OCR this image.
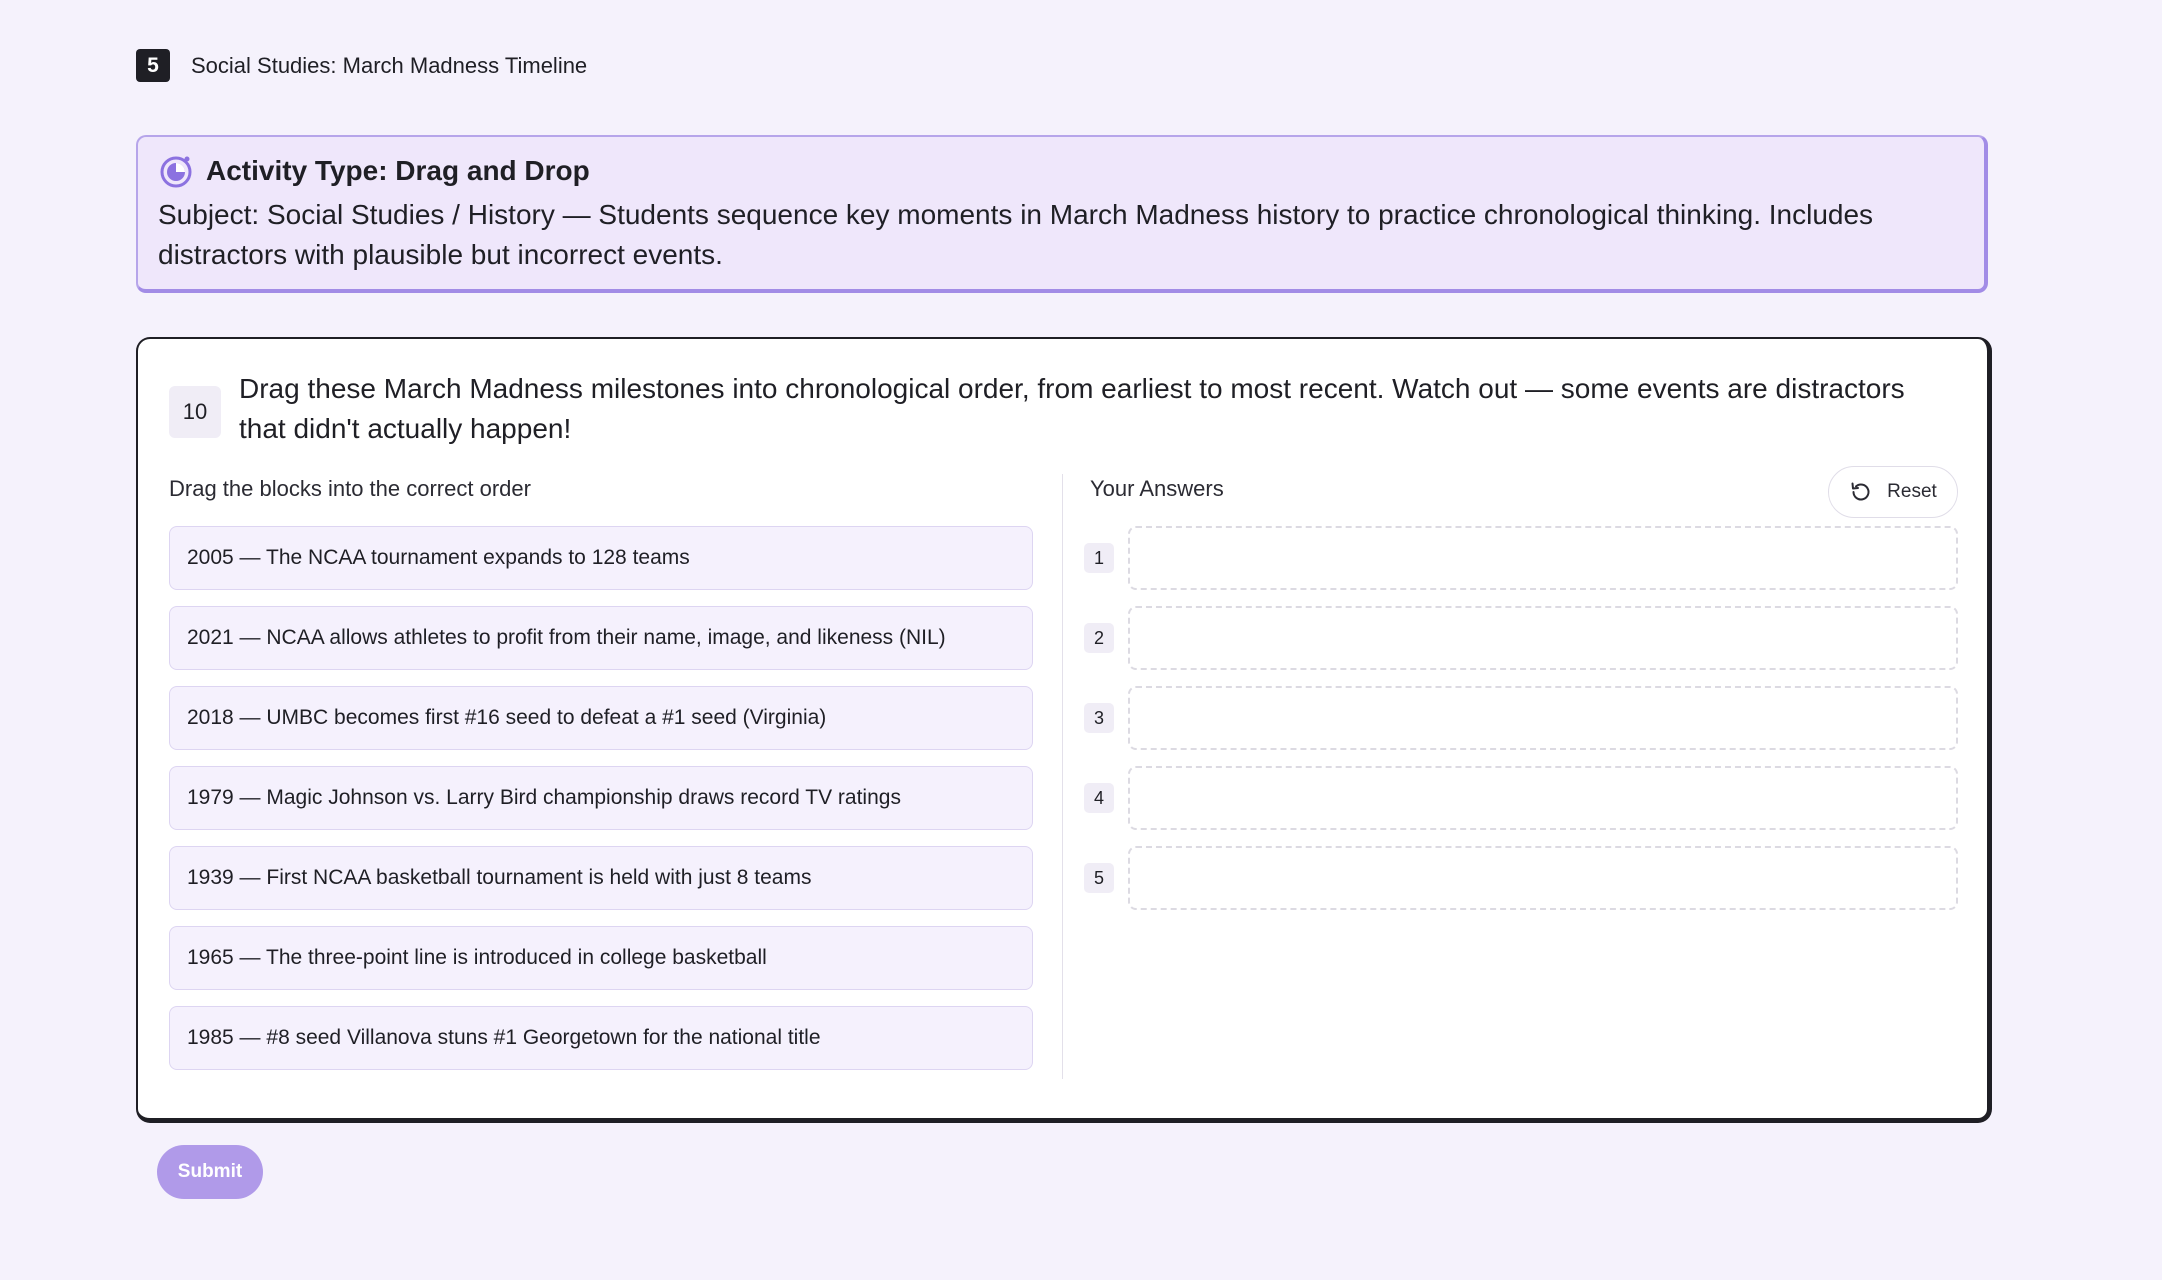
5	Social Studies: March Madness Timeline
Activity Type: Drag and Drop
Subject: Social Studies / History — Students sequence key moments in March Madness history to practice chronological thinking. Includes distractors with plausible but incorrect events.
10
Drag these March Madness milestones into chronological order, from earliest to most recent. Watch out — some events are distractors that didn't actually happen!
Drag the blocks into the correct order
2005 — The NCAA tournament expands to 128 teams
2021 — NCAA allows athletes to profit from their name, image, and likeness (NIL)
2018 — UMBC becomes first #16 seed to defeat a #1 seed (Virginia)
1979 — Magic Johnson vs. Larry Bird championship draws record TV ratings
1939 — First NCAA basketball tournament is held with just 8 teams
1965 — The three-point line is introduced in college basketball
1985 — #8 seed Villanova stuns #1 Georgetown for the national title
Your Answers	Reset
1
2
3
4
5
Submit
